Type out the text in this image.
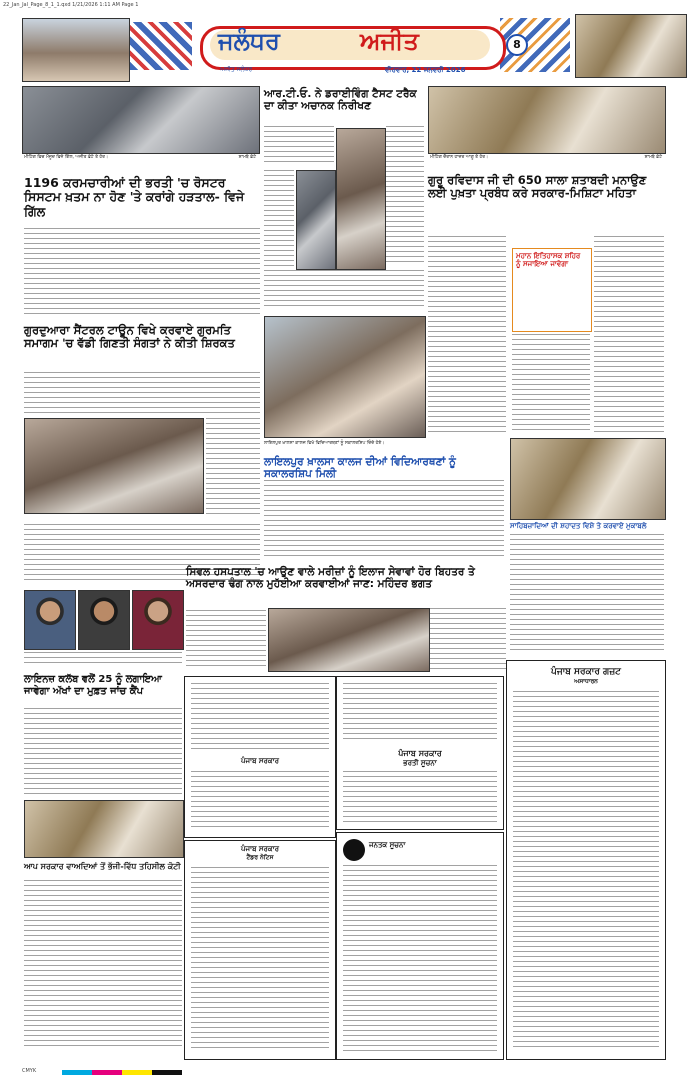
22_Jan_Jal_Page_8_1_1.qxd 1/21/2026 1:11 AM Page 1
ਜਲੰਧਰ	ਅਜੀਤ
ਅਜੀਤ ਜਲੰਧਰ	ਵੀਰਵਾਰ, 22 ਜਨਵਰੀ 2026
8
ਮੀਟਿੰਗ ਵਿਚ ਮੌਜੂਦ ਵਿਜੇ ਗਿੱਲ, ਅਜੀਤ ਫ਼ੋਟੋ ਤੇ ਹੋਰ।	ਸ਼ਾਮਬੇ ਫ਼ੋਟੋ
ਆਰ.ਟੀ.ਓ. ਨੇ ਡਰਾਈਵਿੰਗ ਟੈਸਟ ਟਰੈਕ ਦਾ ਕੀਤਾ ਅਚਾਨਕ ਨਿਰੀਖਣ
ਮੀਟਿੰਗ ਦੌਰਾਨ ਹਾਜ਼ਰ ਆਗੂ ਤੇ ਹੋਰ।	ਸ਼ਾਮਬੇ ਫ਼ੋਟੋ
1196 ਕਰਮਚਾਰੀਆਂ ਦੀ ਭਰਤੀ 'ਚ ਰੋਸਟਰ ਸਿਸਟਮ ਖ਼ਤਮ ਨਾ ਹੋਣ 'ਤੇ ਕਰਾਂਗੇ ਹੜਤਾਲ- ਵਿਜੇ ਗਿੱਲ
ਗੁਰੂ ਰਵਿਦਾਸ ਜੀ ਦੀ 650 ਸਾਲਾ ਸ਼ਤਾਬਦੀ ਮਨਾਉਣ ਲਈ ਪੁਖ਼ਤਾ ਪ੍ਰਬੰਧ ਕਰੇ ਸਰਕਾਰ-ਮਿਸ਼ਿਟਾ ਮਹਿਤਾ
ਮਹਾਨ ਇਤਿਹਾਸਕ ਸ਼ਹਿਰ ਨੂੰ ਸਜਾਇਆ ਜਾਵੇਗਾ
ਗੁਰਦੁਆਰਾ ਸੈਂਟਰਲ ਟਾਊਨ ਵਿਖੇ ਕਰਵਾਏ ਗੁਰਮਤਿ ਸਮਾਗਮ 'ਚ ਵੱਡੀ ਗਿਣਤੀ ਸੰਗਤਾਂ ਨੇ ਕੀਤੀ ਸ਼ਿਰਕਤ
ਲਾਇਲਪੁਰ ਖ਼ਾਲਸਾ ਕਾਲਜ ਵਿਖੇ ਵਿਦਿਆਰਥਣਾਂ ਨੂੰ ਸਕਾਲਰਸ਼ਿਪ ਦਿੰਦੇ ਹੋਏ।
ਸਾਹਿਬਜ਼ਾਦਿਆਂ ਦੀ ਸ਼ਹਾਦਤ ਵਿਸ਼ੇ ਤੇ ਕਰਵਾਏ ਮੁਕਾਬਲੇ
ਲਾਇਲਪੁਰ ਖ਼ਾਲਸਾ ਕਾਲਜ ਦੀਆਂ ਵਿਦਿਆਰਥਣਾਂ ਨੂੰ ਸਕਾਲਰਸ਼ਿਪ ਮਿਲੀ
ਸਿਵਲ ਹਸਪਤਾਲ 'ਚ ਆਉਣ ਵਾਲੇ ਮਰੀਜ਼ਾਂ ਨੂੰ ਇਲਾਜ ਸੇਵਾਵਾਂ ਹੋਰ ਬਿਹਤਰ ਤੇ ਅਸਰਦਾਰ ਢੰਗ ਨਾਲ ਮੁਹੱਈਆ ਕਰਵਾਈਆਂ ਜਾਣ: ਮਹਿੰਦਰ ਭਗਤ
ਲਾਇਨਜ਼ ਕਲੱਬ ਵਲੋਂ 25 ਨੂੰ ਲਗਾਇਆ ਜਾਵੇਗਾ ਅੱਖਾਂ ਦਾ ਮੁਫ਼ਤ ਜਾਂਚ ਕੈਂਪ
ਆਪ ਸਰਕਾਰ ਵਾਅਦਿਆਂ ਤੋਂ ਭੱਜੀ-ਵਿੱਧ ਤਹਿਸੀਲ ਕੋਟੀ
ਪੰਜਾਬ ਸਰਕਾਰ
ਪੰਜਾਬ ਸਰਕਾਰ
ਟੈਂਡਰ ਨੋਟਿਸ
ਪੰਜਾਬ ਸਰਕਾਰ
ਭਰਤੀ ਸੂਚਨਾ
ਜਨਤਕ ਸੂਚਨਾ
ਪੰਜਾਬ ਸਰਕਾਰ ਗਜ਼ਟ
ਅਸਾਧਾਰਨ
CMYK
